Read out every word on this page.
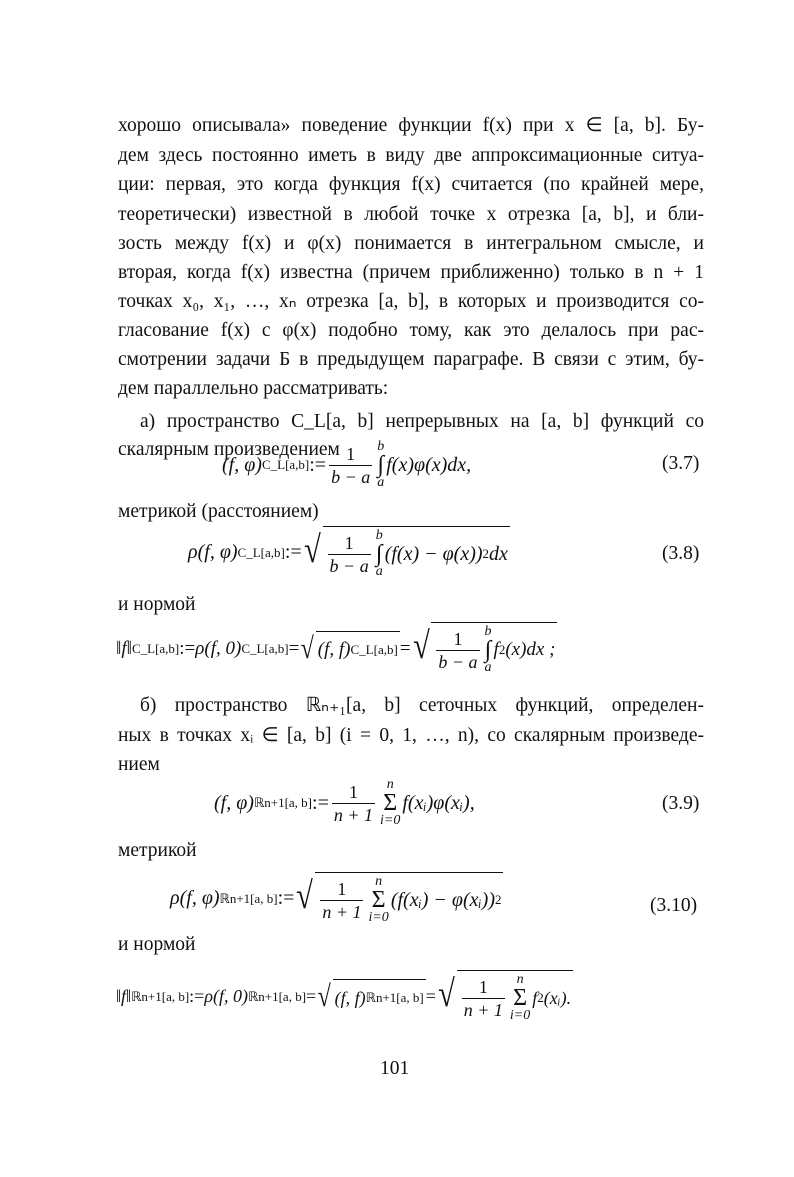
хорошо описывала» поведение функции f(x) при x ∈ [a, b]. Бу-
дем здесь постоянно иметь в виду две аппроксимационные ситуа-
ции: первая, это когда функция f(x) считается (по крайней мере,
теоретически) известной в любой точке x отрезка [a, b], и бли-
зость между f(x) и φ(x) понимается в интегральном смысле, и
вторая, когда f(x) известна (причем приближенно) только в n + 1
точках x₀, x₁, …, xₙ отрезка [a, b], в которых и производится со-
гласование f(x) с φ(x) подобно тому, как это делалось при рас-
смотрении задачи Б в предыдущем параграфе. В связи с этим, бу-
дем параллельно рассматривать:
а) пространство C_L[a, b] непрерывных на [a, b] функций со
скалярным произведением
(f, φ) C_L[a,b] := $\frac{1}{b - a}$ b
∫
a
f(x)φ(x)dx,	(3.7)
метрикой (расстоянием)
ρ(f, φ) C_L[a,b] := √ $\frac{1}{b - a}$ b
∫
a
(f(x) − φ(x)) 2 dx	(3.8)
и нормой
‖f‖ C_L[a,b] := ρ(f, 0) C_L[a,b] = √ (f, f) C_L[a,b] = √ $\frac{1}{b - a}$ b
∫
a
f 2 (x)dx ;
б) пространство ℝₙ₊₁[a, b] сеточных функций, определен-
ных в точках xᵢ ∈ [a, b] (i = 0, 1, …, n), со скалярным произведе-
нием
(f, φ) ℝn+1[a, b] := $\frac{1}{n + 1}$ n
Σ
i=0
f(xᵢ)φ(xᵢ),	(3.9)
метрикой
ρ(f, φ) ℝn+1[a, b] := √ $\frac{1}{n + 1}$ n
Σ
i=0
(f(xᵢ) − φ(xᵢ)) 2	(3.10)
и нормой
‖f‖ ℝn+1[a, b] := ρ(f, 0) ℝn+1[a, b] = √ (f, f) ℝn+1[a, b] = √ $\frac{1}{n + 1}$ n
Σ
i=0
f 2 (xᵢ).
101
